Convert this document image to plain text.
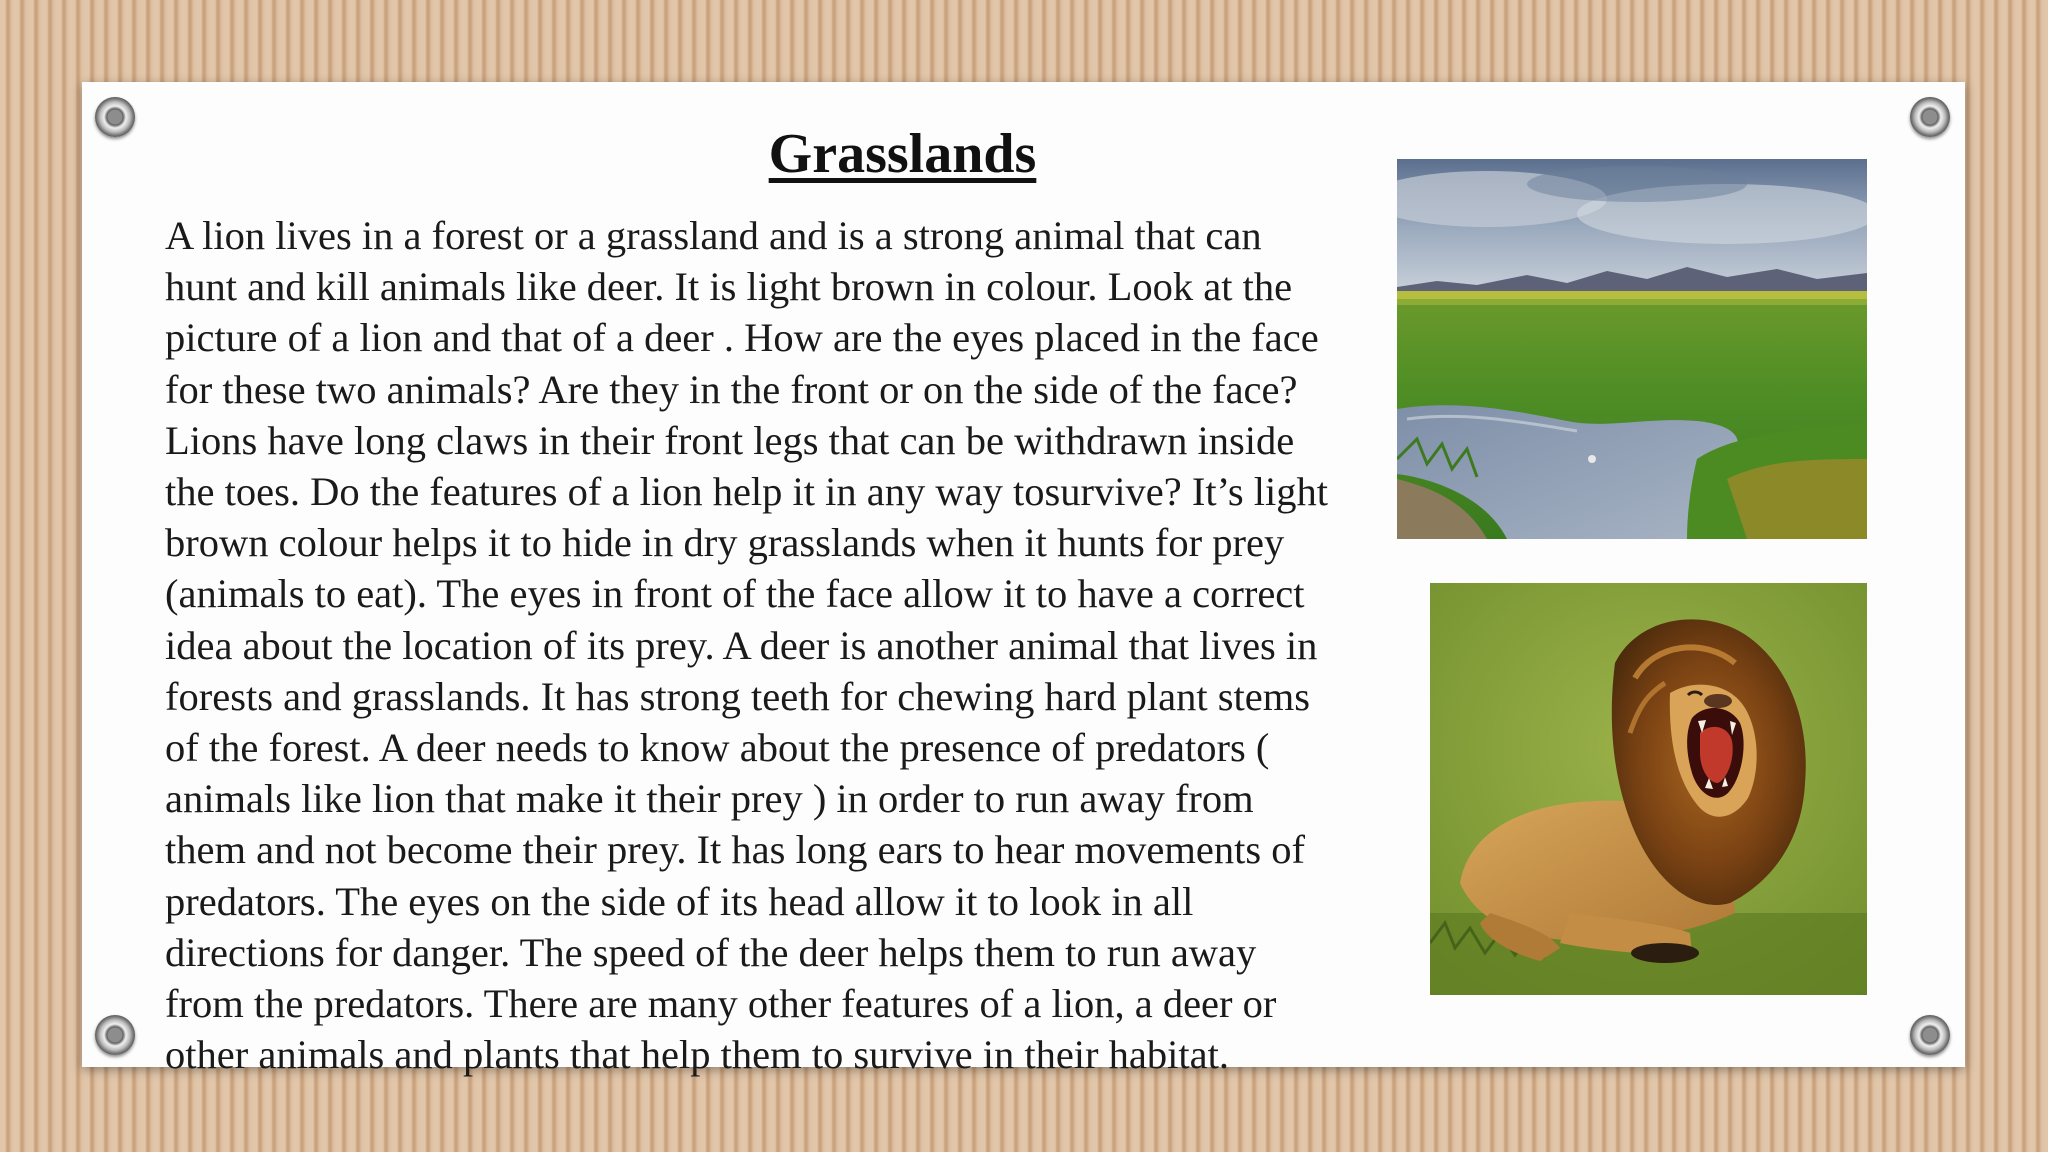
Grasslands
A lion lives in a forest or a grassland and is a strong animal that can
hunt and kill animals like deer. It is light brown in colour. Look at the
picture of a lion and that of a deer . How are the eyes placed in the face
for these two animals? Are they in the front or on the side of the face?
Lions have long claws in their front legs that can be withdrawn inside
the toes. Do the features of a lion help it in any way tosurvive? It’s light
brown colour helps it to hide in dry grasslands when it hunts for prey
(animals to eat). The eyes in front of the face allow it to have a correct
idea about the location of its prey. A deer is another animal that lives in
forests and grasslands. It has strong teeth for chewing hard plant stems
of the forest. A deer needs to know about the presence of predators (
animals like lion that make it their prey ) in order to run away from
them and not become their prey. It has long ears to hear movements of
predators. The eyes on the side of its head allow it to look in all
directions for danger. The speed of the deer helps them to run away
from the predators. There are many other features of a lion, a deer or
other animals and plants that help them to survive in their habitat.
